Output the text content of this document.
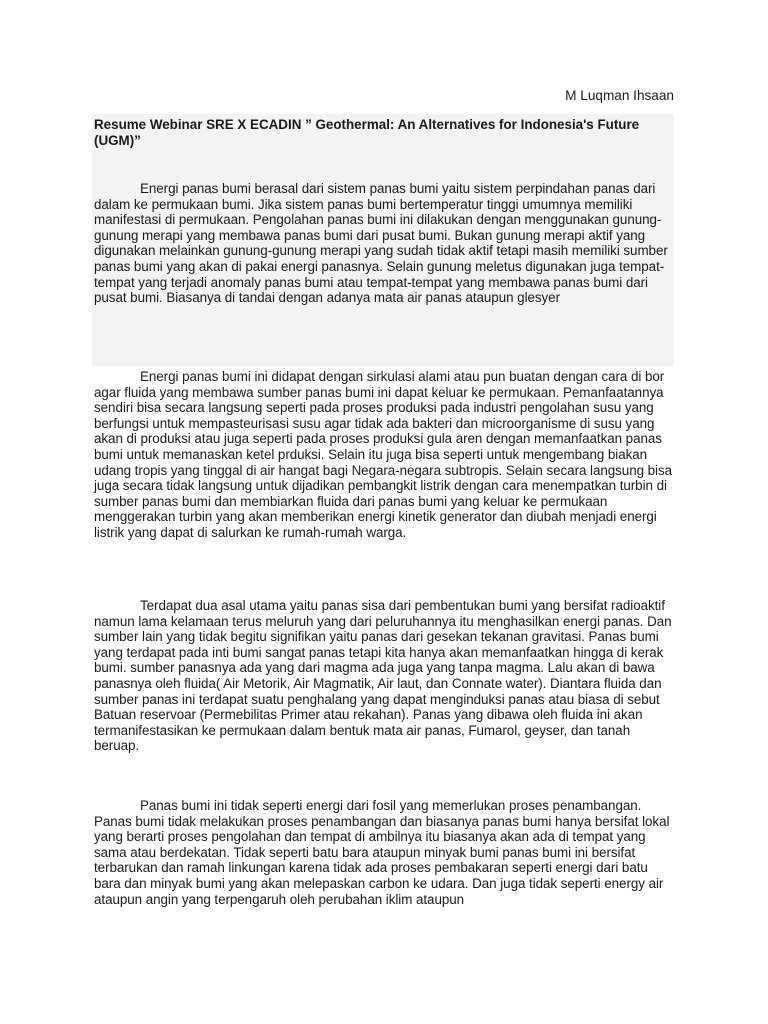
M Luqman Ihsaan

Resume Webinar SRE X ECADIN ” Geothermal: An Alternatives for Indonesia's Future (UGM)”

Energi panas bumi berasal dari sistem panas bumi yaitu sistem perpindahan panas dari dalam ke permukaan bumi. Jika sistem panas bumi bertemperatur tinggi umumnya memiliki manifestasi di permukaan. Pengolahan panas bumi ini dilakukan dengan menggunakan gunung-gunung merapi yang membawa panas bumi dari pusat bumi. Bukan gunung merapi aktif yang digunakan melainkan gunung-gunung merapi yang sudah tidak aktif tetapi masih memiliki sumber panas bumi yang akan di pakai energi panasnya. Selain gunung meletus digunakan juga tempat-tempat yang terjadi anomaly panas bumi atau tempat-tempat yang membawa panas bumi dari pusat bumi. Biasanya di tandai dengan adanya mata air panas ataupun glesyer

Energi panas bumi ini didapat dengan sirkulasi alami atau pun buatan dengan cara di bor agar fluida yang membawa sumber panas bumi ini dapat keluar ke permukaan. Pemanfaatannya sendiri bisa secara langsung seperti pada proses produksi pada industri pengolahan susu yang berfungsi untuk mempasteurisasi susu agar tidak ada bakteri dan microorganisme di susu yang akan di produksi atau juga seperti pada proses produksi gula aren dengan memanfaatkan panas bumi untuk memanaskan ketel prduksi. Selain itu juga bisa seperti untuk mengembang biakan udang tropis yang tinggal di air hangat bagi Negara-negara subtropis. Selain secara langsung bisa juga secara tidak langsung untuk dijadikan pembangkit listrik dengan cara menempatkan turbin di sumber panas bumi dan membiarkan fluida dari panas bumi yang keluar ke permukaan menggerakan turbin yang akan memberikan energi kinetik generator dan diubah menjadi energi listrik yang dapat di salurkan ke rumah-rumah warga.

Terdapat dua asal utama yaitu panas sisa dari pembentukan bumi yang bersifat radioaktif namun lama kelamaan terus meluruh yang dari peluruhannya itu menghasilkan energi panas. Dan sumber lain yang tidak begitu signifikan yaitu panas dari gesekan tekanan gravitasi. Panas bumi yang terdapat pada inti bumi sangat panas tetapi kita hanya akan memanfaatkan hingga di kerak bumi. sumber panasnya ada yang dari magma ada juga yang tanpa magma. Lalu akan di bawa panasnya oleh fluida( Air Metorik, Air Magmatik, Air laut, dan Connate water). Diantara fluida dan sumber panas ini terdapat suatu penghalang yang dapat menginduksi panas atau biasa di sebut Batuan reservoar (Permebilitas Primer atau rekahan). Panas yang dibawa oleh fluida ini akan termanifestasikan ke permukaan dalam bentuk mata air panas, Fumarol, geyser, dan tanah beruap.

Panas bumi ini tidak seperti energi dari fosil yang memerlukan proses penambangan. Panas bumi tidak melakukan proses penambangan dan biasanya panas bumi hanya bersifat lokal yang berarti proses pengolahan dan tempat di ambilnya itu biasanya akan ada di tempat yang sama atau berdekatan. Tidak seperti batu bara ataupun minyak bumi panas bumi ini bersifat terbarukan dan ramah linkungan karena tidak ada proses pembakaran seperti energi dari batu bara dan minyak bumi yang akan melepaskan carbon ke udara. Dan juga tidak seperti energy air ataupun angin yang terpengaruh oleh perubahan iklim ataupun
